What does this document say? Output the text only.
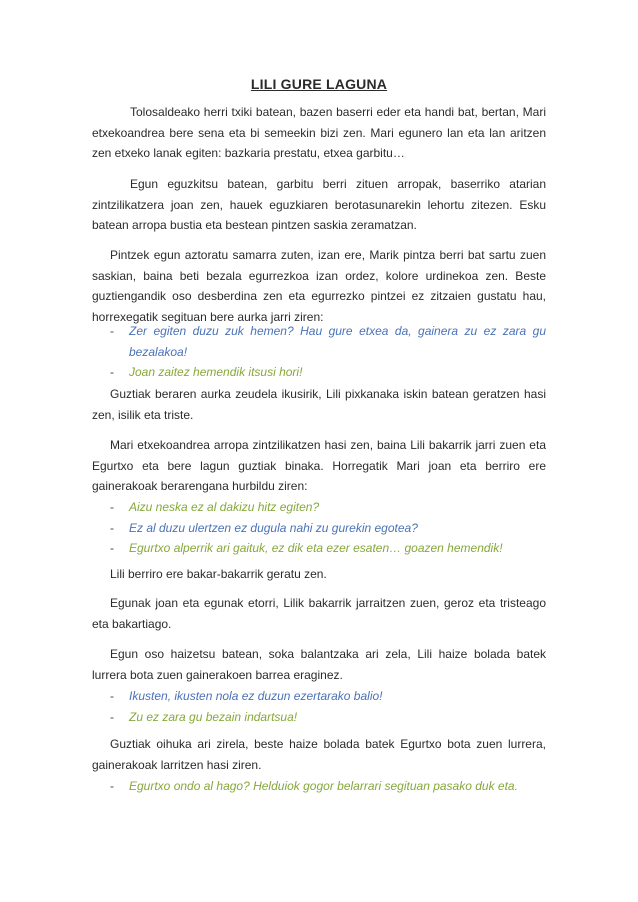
LILI GURE LAGUNA

Tolosaldeako herri txiki batean, bazen baserri eder eta handi bat, bertan, Mari etxekoandrea bere sena eta bi semeekin bizi zen. Mari egunero lan eta lan aritzen zen etxeko lanak egiten: bazkaria prestatu, etxea garbitu…

Egun eguzkitsu batean, garbitu berri zituen arropak, baserriko atarian zintzilikatzera joan zen, hauek eguzkiaren berotasunarekin lehortu zitezen. Esku batean arropa bustia eta bestean pintzen saskia zeramatzan.

Pintzek egun aztoratu samarra zuten, izan ere, Marik pintza berri bat sartu zuen saskian, baina beti bezala egurrezkoa izan ordez, kolore urdinekoa zen. Beste guztiengandik oso desberdina zen eta egurrezko pintzei ez zitzaien gustatu hau, horrexegatik segituan bere aurka jarri ziren:

- Zer egiten duzu zuk hemen? Hau gure etxea da, gainera zu ez zara gu bezalakoa!
- Joan zaitez hemendik itsusi hori!

Guztiak beraren aurka zeudela ikusirik, Lili pixkanaka iskin batean geratzen hasi zen, isilik eta triste.

Mari etxekoandrea arropa zintzilikatzen hasi zen, baina Lili bakarrik jarri zuen eta Egurtxo eta bere lagun guztiak binaka. Horregatik Mari joan eta berriro ere gainerakoak berarengana hurbildu ziren:

- Aizu neska ez al dakizu hitz egiten?
- Ez al duzu ulertzen ez dugula nahi zu gurekin egotea?
- Egurtxo alperrik ari gaituk, ez dik eta ezer esaten… goazen hemendik!

Lili berriro ere bakar-bakarrik geratu zen.

Egunak joan eta egunak etorri, Lilik bakarrik jarraitzen zuen, geroz eta tristeago eta bakartiago.

Egun oso haizetsu batean, soka balantzaka ari zela, Lili haize bolada batek lurrera bota zuen gainerakoen barrea eraginez.

- Ikusten, ikusten nola ez duzun ezertarako balio!
- Zu ez zara gu bezain indartsua!

Guztiak oihuka ari zirela, beste haize bolada batek Egurtxo bota zuen lurrera, gainerakoak larritzen hasi ziren.

- Egurtxo ondo al hago? Helduiok gogor belarrari segituan pasako duk eta.
